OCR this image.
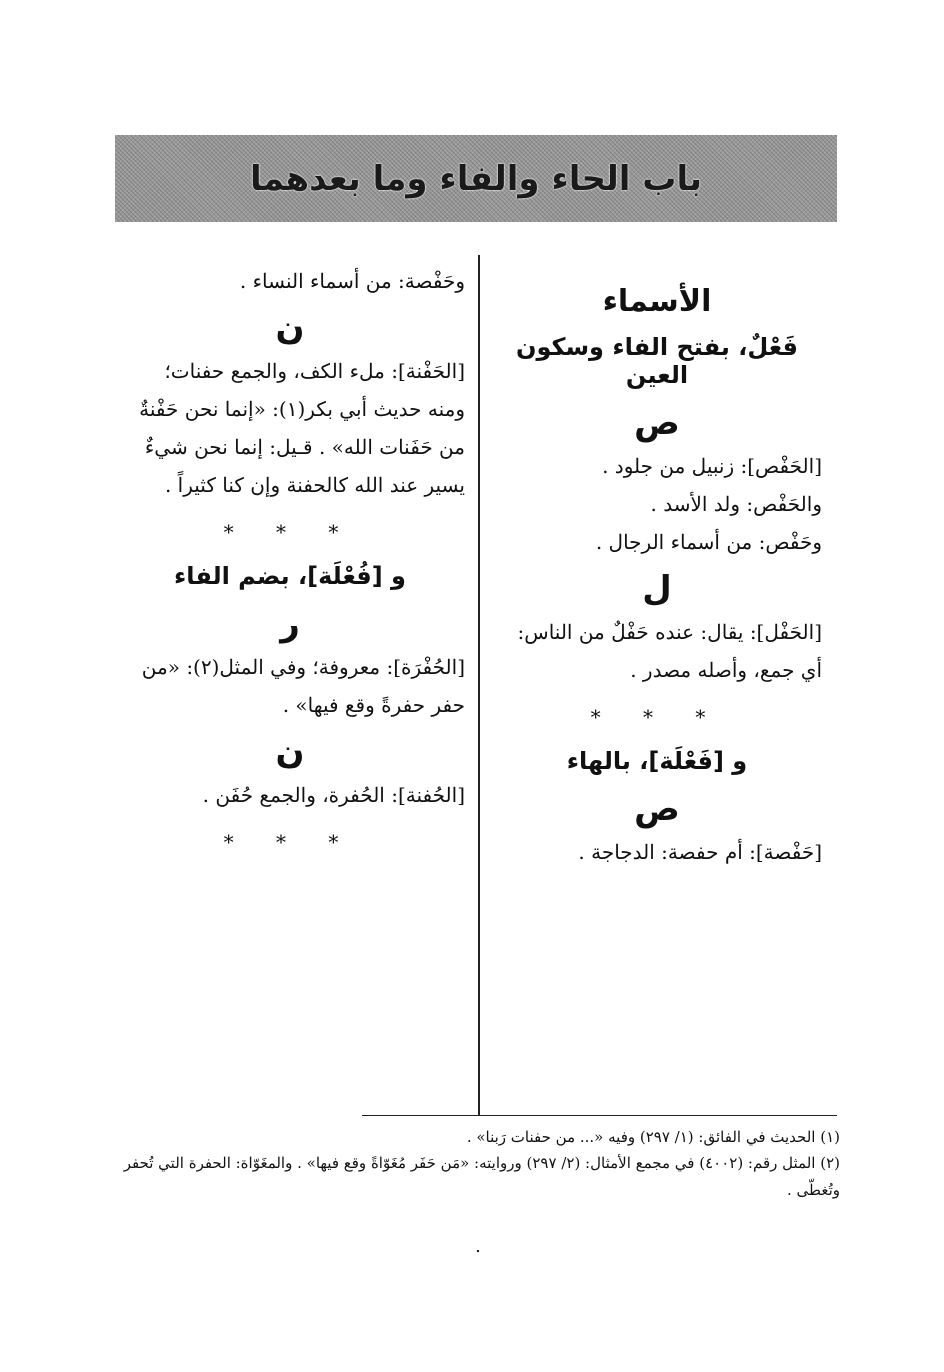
باب الحاء والفاء وما بعدهما
الأسماء
فَعْلٌ، بفتح الفاء وسكون العين
ص
[الحَفْص]: زنبيل من جلود .
والحَفْص: ولد الأسد .
وحَفْص: من أسماء الرجال .
ل
[الحَفْل]: يقال: عنده حَفْلٌ من الناس:
أي جمع، وأصله مصدر .
* * *
و [فَعْلَة]، بالهاء
ص
[حَفْصة]: أم حفصة: الدجاجة .
وحَفْصة: من أسماء النساء .
ن
[الحَفْنة]: ملء الكف، والجمع حفنات؛
ومنه حديث أبي بكر(١): «إنما نحن حَفْنةٌ
من حَفَنات الله» . قـيل: إنما نحن شيءٌ
يسير عند الله كالحفنة وإن كنا كثيراً .
* * *
و [فُعْلَة]، بضم الفاء
ر
[الحُفْرَة]: معروفة؛ وفي المثل(٢): «من
حفر حفرةً وقع فيها» .
ن
[الحُفنة]: الحُفرة، والجمع حُفَن .
* * *
(١) الحديث في الفائق: (١/ ٢٩٧) وفيه «... من حفنات رَبنا» .
(٢) المثل رقم: (٤٠٠٢) في مجمع الأمثال: (٢/ ٢٩٧) وروايته: «مَن حَفَر مُغَوّاةً وقع فيها» . والمغَوّاة: الحفرة التي تُحفر وتُغطّى .
.
